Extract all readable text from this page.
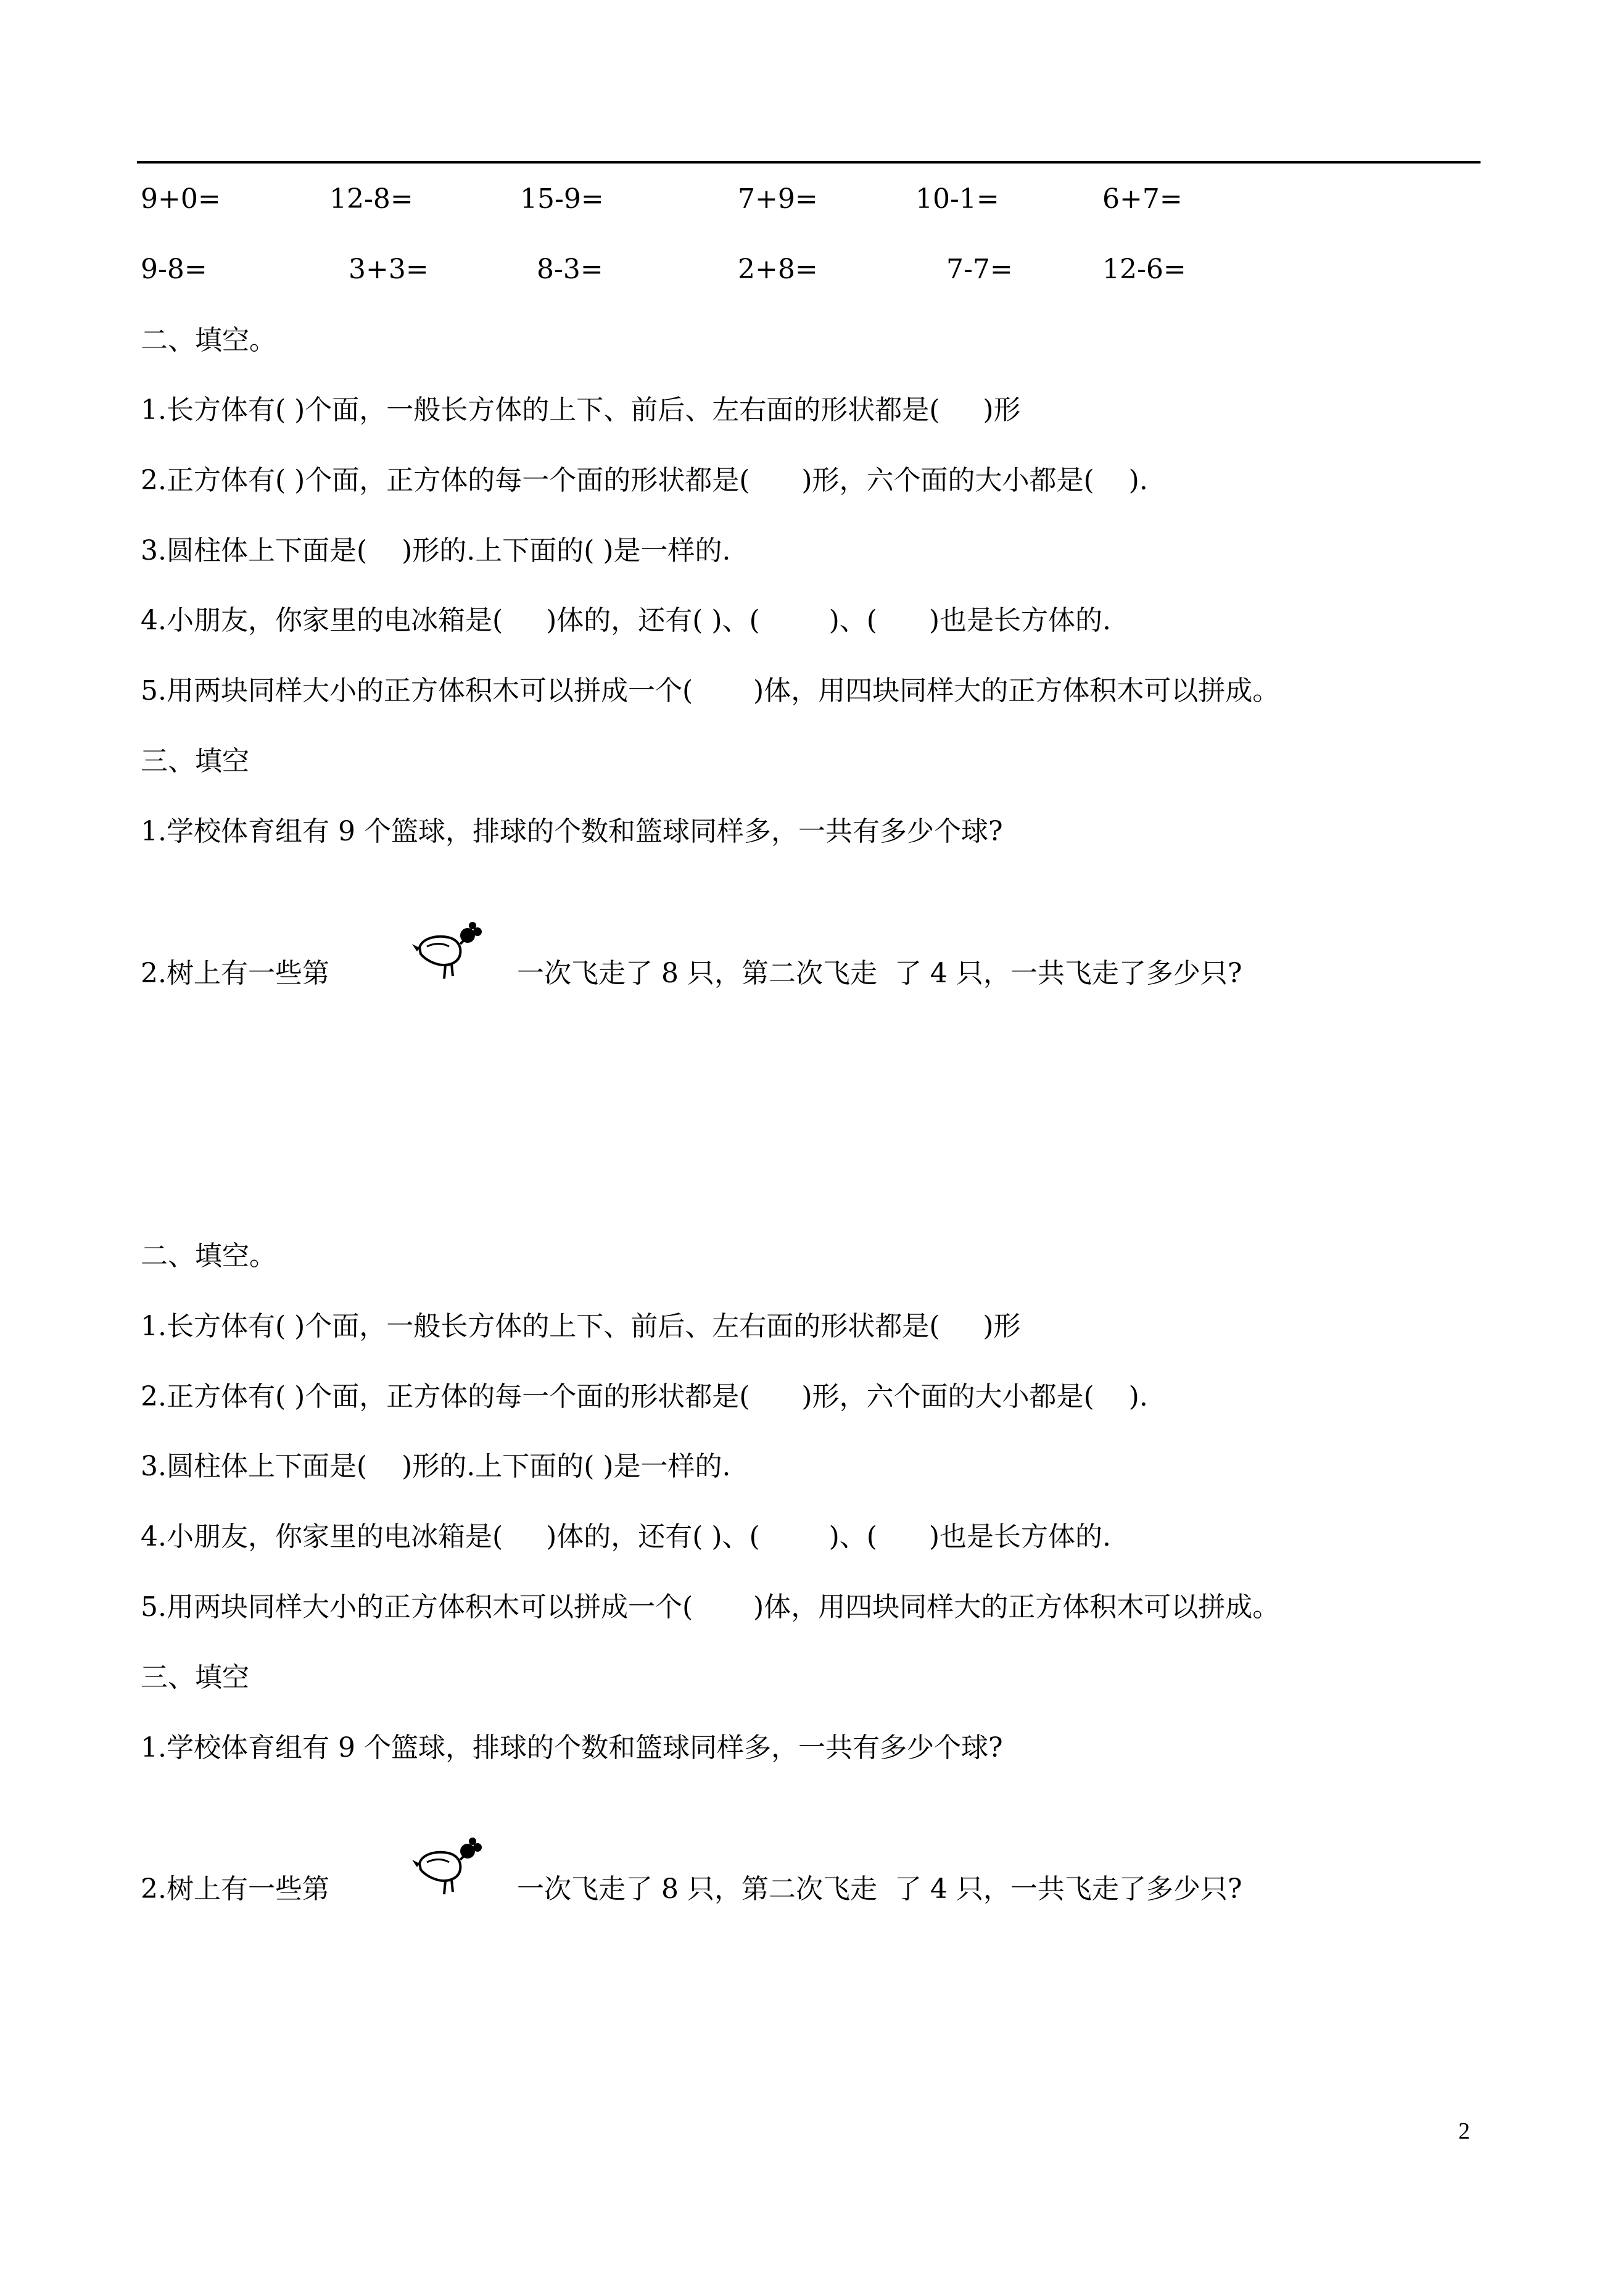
9+0=	12-8=	15-9=	7+9=	10-1=	6+7=
9-8=	3+3=	8-3=	2+8=	7-7=	12-6=
二、填空。
1.长方体有( )个面，一般长方体的上下、前后、左右面的形状都是(     )形
2.正方体有( )个面，正方体的每一个面的形状都是(      )形，六个面的大小都是(    ).
3.圆柱体上下面是(    )形的.上下面的( )是一样的.
4.小朋友，你家里的电冰箱是(     )体的，还有( )、(        )、(      )也是长方体的.
5.用两块同样大小的正方体积木可以拼成一个(       )体，用四块同样大的正方体积木可以拼成。
三、填空
1.学校体育组有 9 个篮球，排球的个数和篮球同样多，一共有多少个球?
2.树上有一些第	一次飞走了 8 只，第二次飞走  了 4 只，一共飞走了多少只?
二、填空。
1.长方体有( )个面，一般长方体的上下、前后、左右面的形状都是(     )形
2.正方体有( )个面，正方体的每一个面的形状都是(      )形，六个面的大小都是(    ).
3.圆柱体上下面是(    )形的.上下面的( )是一样的.
4.小朋友，你家里的电冰箱是(     )体的，还有( )、(        )、(      )也是长方体的.
5.用两块同样大小的正方体积木可以拼成一个(       )体，用四块同样大的正方体积木可以拼成。
三、填空
1.学校体育组有 9 个篮球，排球的个数和篮球同样多，一共有多少个球?
2.树上有一些第	一次飞走了 8 只，第二次飞走  了 4 只，一共飞走了多少只?
2
